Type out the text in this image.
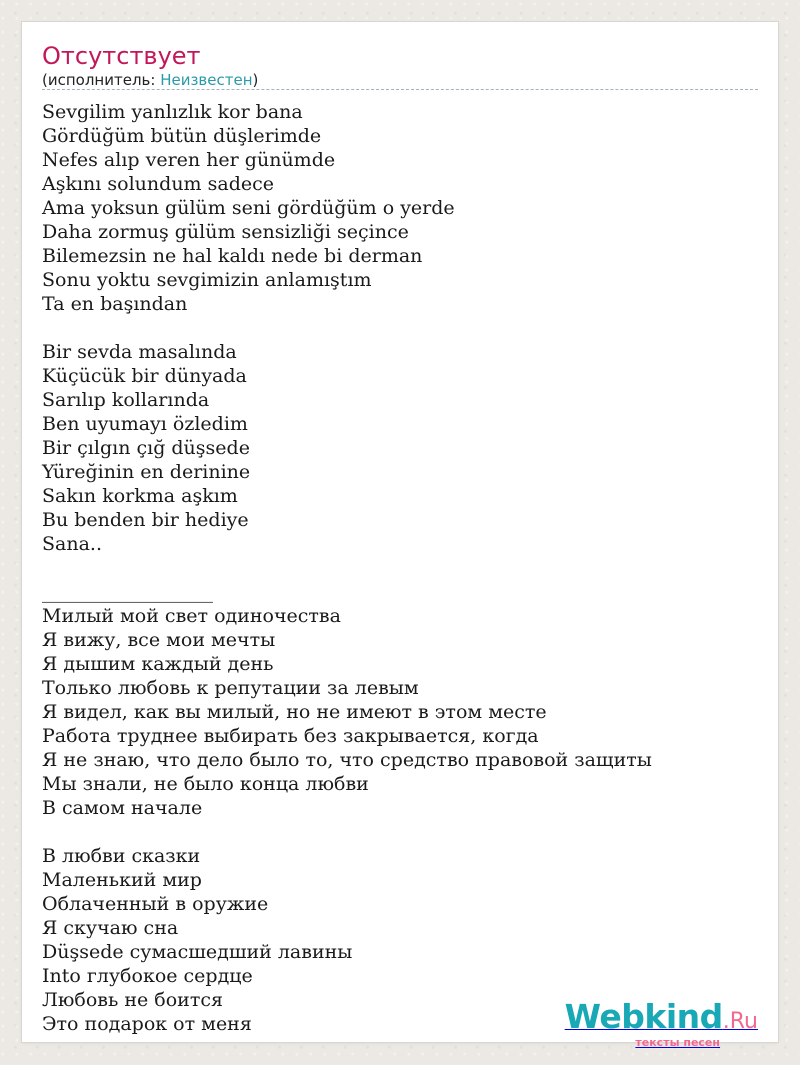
Отсутствует
(исполнитель: Неизвестен)
Sevgilim yanlızlık kor bana
Gördüğüm bütün düşlerimde
Nefes alıp veren her günümde
Aşkını solundum sadece
Ama yoksun gülüm seni gördüğüm o yerde
Daha zormuş gülüm sensizliği seçince
Bilemezsin ne hal kaldı nede bi derman
Sonu yoktu sevgimizin anlamıştım
Ta en başından

Bir sevda masalında
Küçücük bir dünyada
Sarılıp kollarında
Ben uyumayı özledim
Bir çılgın çığ düşsede
Yüreğinin en derinine
Sakın korkma aşkım
Bu benden bir hediye
Sana..

__________________
Милый мой свет одиночества
Я вижу, все мои мечты
Я дышим каждый день
Только любовь к репутации за левым
Я видел, как вы милый, но не имеют в этом месте
Работа труднее выбирать без закрывается, когда
Я не знаю, что дело было то, что средство правовой защиты
Мы знали, не было конца любви
В самом начале

В любви сказки
Маленький мир
Облаченный в оружие
Я скучаю сна
Düşsede сумасшедший лавины
Into глубокое сердце
Любовь не боится
Это подарок от меня	Webkind.Ru
тексты песен
